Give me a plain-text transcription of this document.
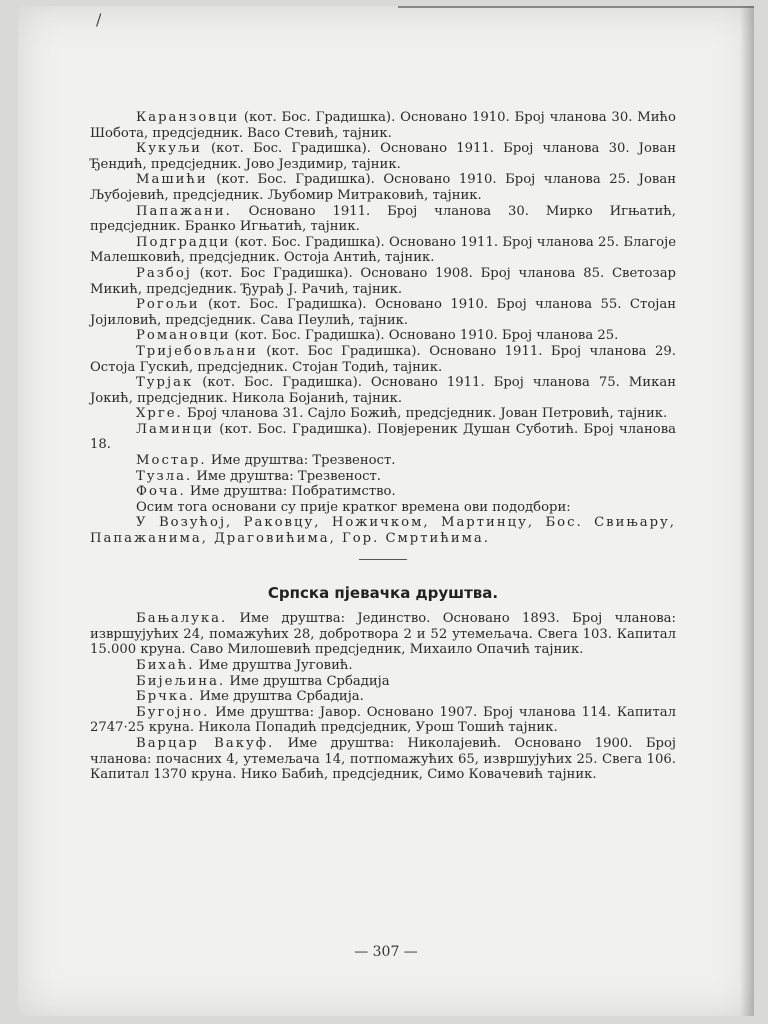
/

Каранзовци (кот. Бос. Градишка). Основано 1910. Број чланова 30. Мићо Шобота, предсједник. Васо Стевић, тајник.

Кукуљи (кот. Бос. Градишка). Основано 1911. Број чланова 30. Јован Ђендић, предсједник. Јово Јездимир, тајник.

Машићи (кот. Бос. Градишка). Основано 1910. Број чланова 25. Јован Љубојевић, предсједник. Љубомир Митраковић, тајник.

Папажани. Основано 1911. Број чланова 30. Мирко Игњатић, предсједник. Бранко Игњатић, тајник.

Подградци (кот. Бос. Градишка). Основано 1911. Број чланова 25. Благоје Малешковић, предсједник. Остоја Антић, тајник.

Разбој (кот. Бос Градишка). Основано 1908. Број чланова 85. Светозар Микић, предсједник. Ђурађ Ј. Рачић, тајник.

Рогољи (кот. Бос. Градишка). Основано 1910. Број чланова 55. Стојан Јојиловић, предсједник. Сава Пеулић, тајник.

Романовци (кот. Бос. Градишка). Основано 1910. Број чланова 25.

Тријебовљани (кот. Бос Градишка). Основано 1911. Број чланова 29. Остоја Гускић, предсједник. Стојан Тодић, тајник.

Турјак (кот. Бос. Градишка). Основано 1911. Број чланова 75. Микан Јокић, предсједник. Никола Бојанић, тајник.

Хрге. Број чланова 31. Сајло Божић, предсједник. Јован Петровић, тајник.

Ламинци (кот. Бос. Градишка). Повјереник Душан Суботић. Број чланова 18.

Мостар. Име друштва: Трезвеност.

Тузла. Име друштва: Трезвеност.

Фоча. Име друштва: Побратимство.

Осим тога основани су прије кратког времена ови пододбори:

У Возућој, Раковцу, Ножичком, Мартинцу, Бос. Свињару, Папажанима, Драговићима, Гор. Смртићима.

Српска пјевачка друштва.

Бањалука. Име друштва: Јединство. Основано 1893. Број чланова: извршујућих 24, помажућих 28, добротвора 2 и 52 утемељача. Свега 103. Капитал 15.000 круна. Саво Милошевић предсједник, Михаило Опачић тајник.

Бихаћ. Име друштва Југовић.

Бијељина. Име друштва Србадија

Брчка. Име друштва Србадија.

Бугојно. Име друштва: Јавор. Основано 1907. Број чланова 114. Капитал 2747·25 круна. Никола Попадић предсједник, Урош Тошић тајник.

Варцар Вакуф. Име друштва: Николајевић. Основано 1900. Број чланова: почасних 4, утемељача 14, потпомажућих 65, извршујућих 25. Свега 106. Капитал 1370 круна. Нико Бабић, предсједник, Симо Ковачевић тајник.

— 307 —
